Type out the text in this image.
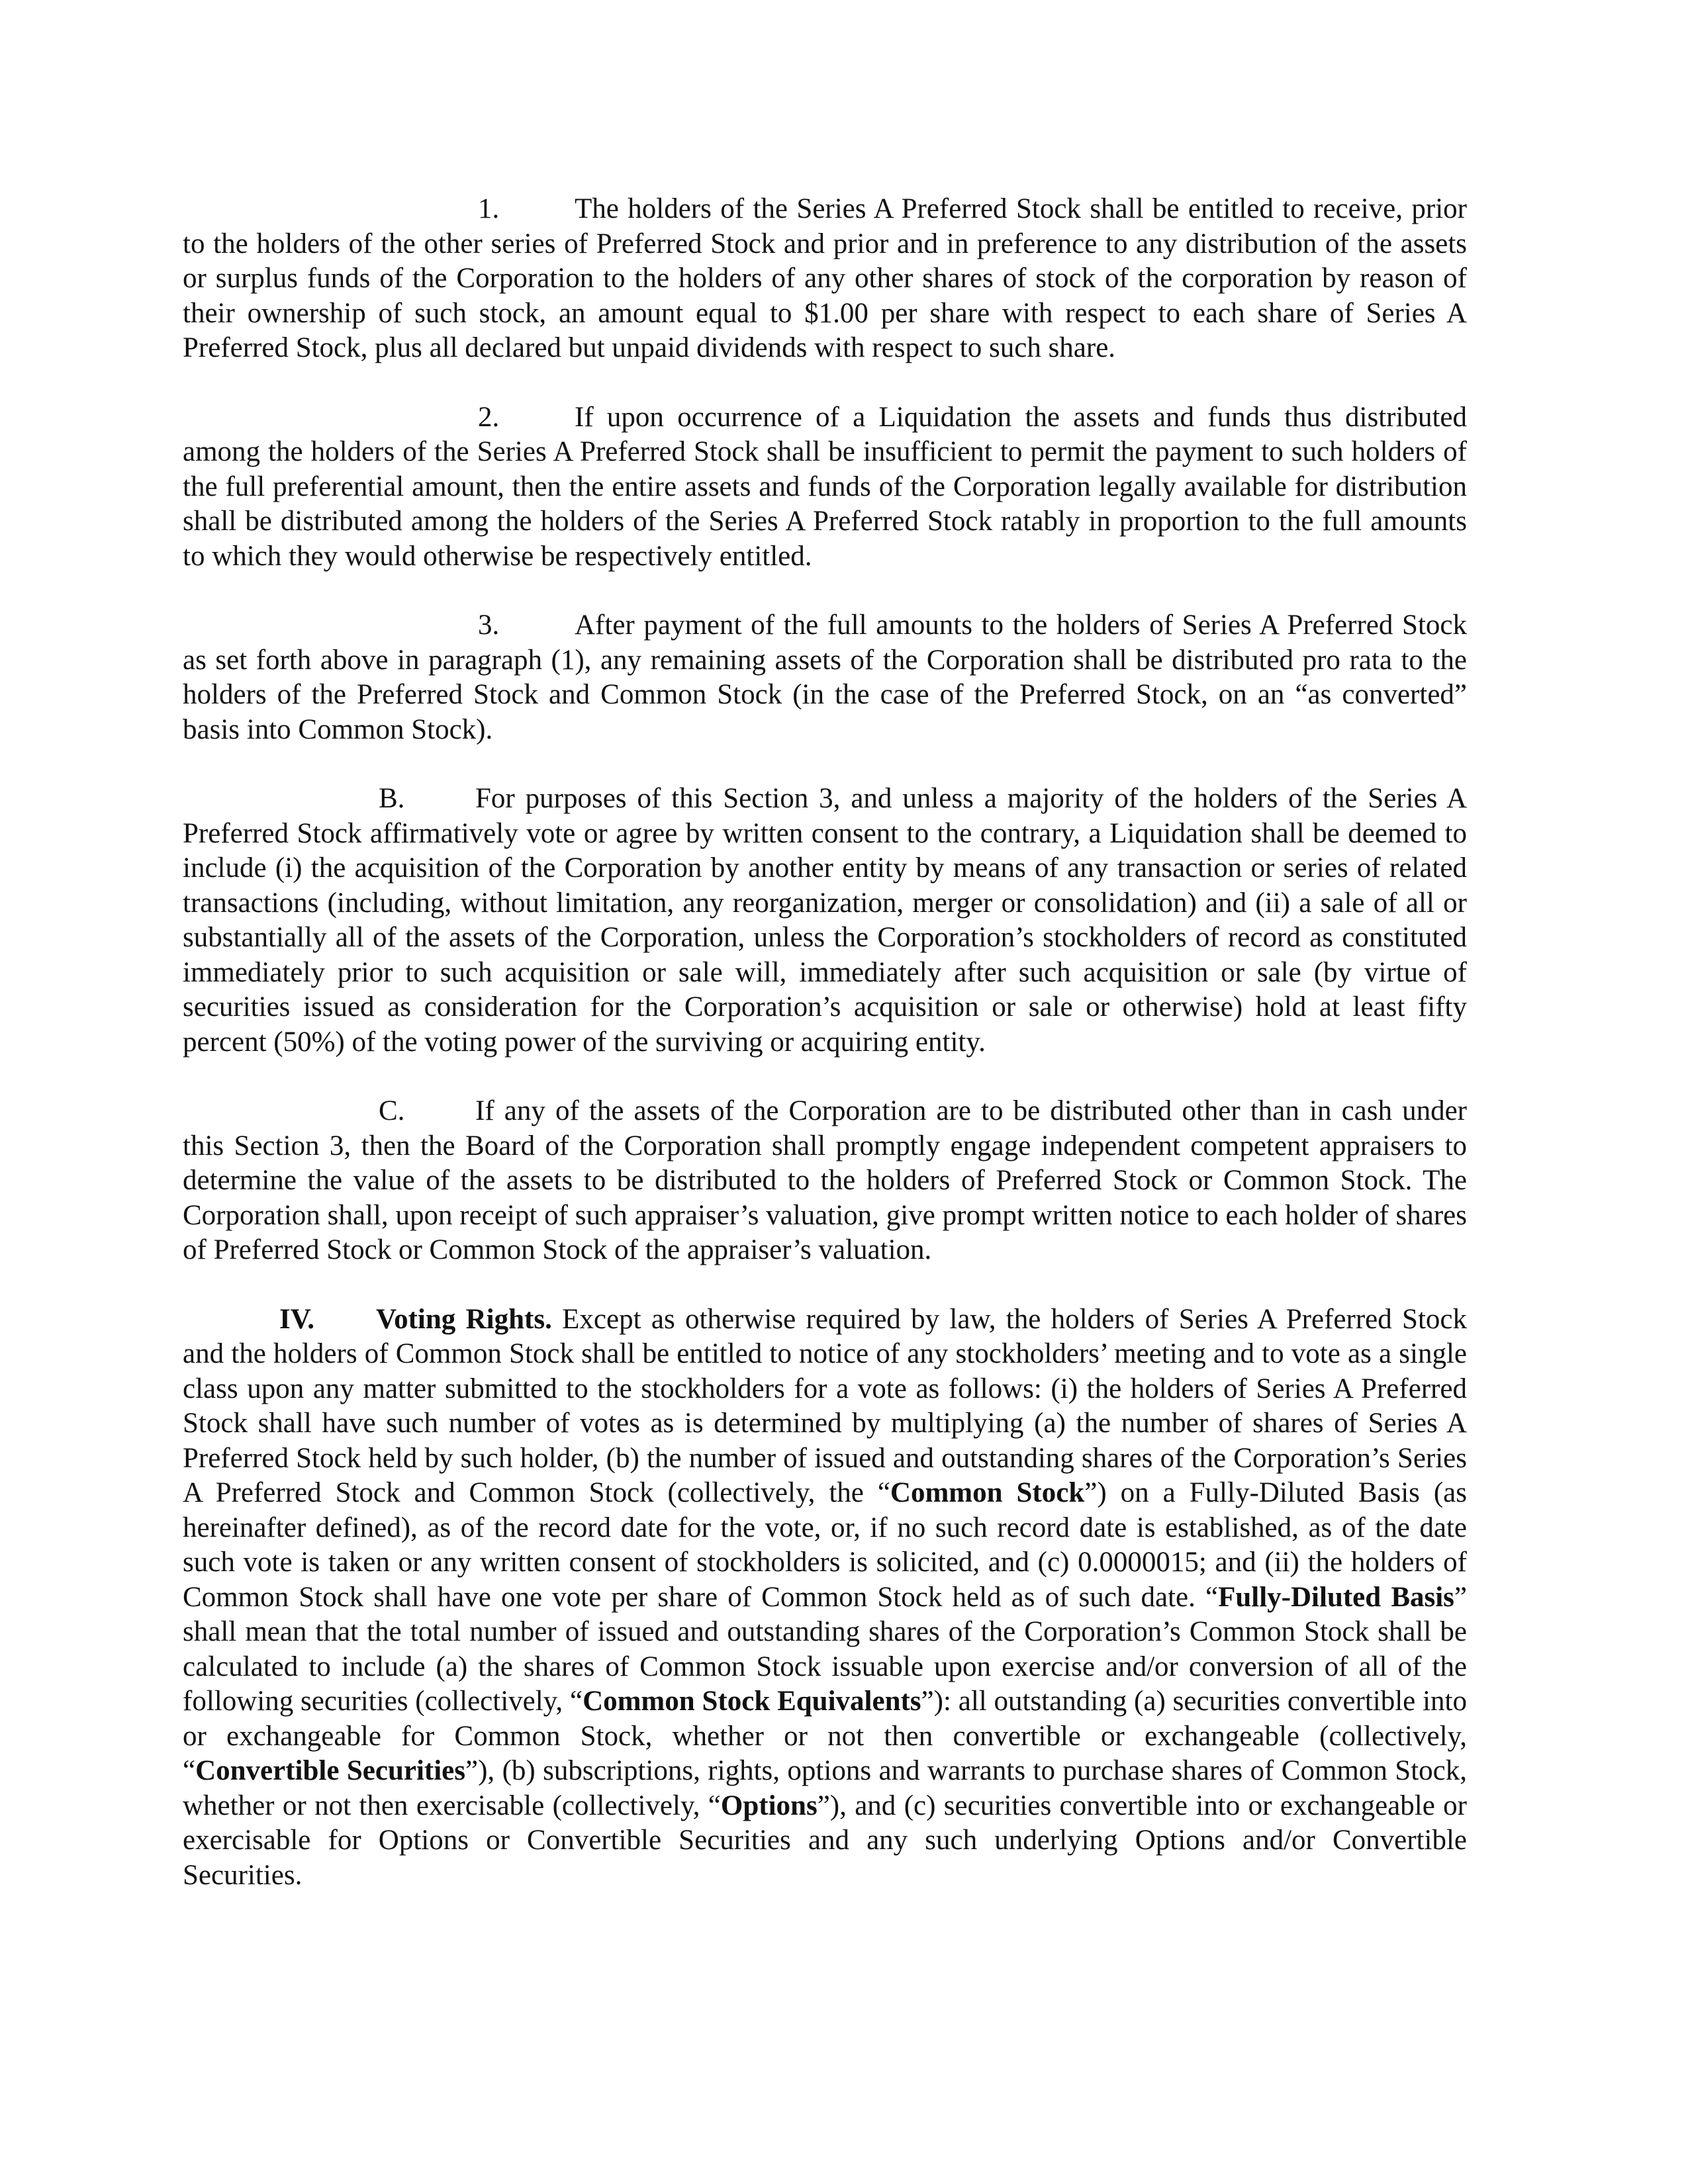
1.	The holders of the Series A Preferred Stock shall be entitled to receive, prior to the holders of the other series of Preferred Stock and prior and in preference to any distribution of the assets or surplus funds of the Corporation to the holders of any other shares of stock of the corporation by reason of their ownership of such stock, an amount equal to $1.00 per share with respect to each share of Series A Preferred Stock, plus all declared but unpaid dividends with respect to such share.

2.	If upon occurrence of a Liquidation the assets and funds thus distributed among the holders of the Series A Preferred Stock shall be insufficient to permit the payment to such holders of the full preferential amount, then the entire assets and funds of the Corporation legally available for distribution shall be distributed among the holders of the Series A Preferred Stock ratably in proportion to the full amounts to which they would otherwise be respectively entitled.

3.	After payment of the full amounts to the holders of Series A Preferred Stock as set forth above in paragraph (1), any remaining assets of the Corporation shall be distributed pro rata to the holders of the Preferred Stock and Common Stock (in the case of the Preferred Stock, on an “as converted” basis into Common Stock).

B. For purposes of this Section 3, and unless a majority of the holders of the Series A Preferred Stock affirmatively vote or agree by written consent to the contrary, a Liquidation shall be deemed to include (i) the acquisition of the Corporation by another entity by means of any transaction or series of related transactions (including, without limitation, any reorganization, merger or consolidation) and (ii) a sale of all or substantially all of the assets of the Corporation, unless the Corporation’s stockholders of record as constituted immediately prior to such acquisition or sale will, immediately after such acquisition or sale (by virtue of securities issued as consideration for the Corporation’s acquisition or sale or otherwise) hold at least fifty percent (50%) of the voting power of the surviving or acquiring entity.

C. If any of the assets of the Corporation are to be distributed other than in cash under this Section 3, then the Board of the Corporation shall promptly engage independent competent appraisers to determine the value of the assets to be distributed to the holders of Preferred Stock or Common Stock. The Corporation shall, upon receipt of such appraiser’s valuation, give prompt written notice to each holder of shares of Preferred Stock or Common Stock of the appraiser’s valuation.

IV. Voting Rights. Except as otherwise required by law, the holders of Series A Preferred Stock and the holders of Common Stock shall be entitled to notice of any stockholders’ meeting and to vote as a single class upon any matter submitted to the stockholders for a vote as follows: (i) the holders of Series A Preferred Stock shall have such number of votes as is determined by multiplying (a) the number of shares of Series A Preferred Stock held by such holder, (b) the number of issued and outstanding shares of the Corporation’s Series A Preferred Stock and Common Stock (collectively, the “Common Stock”) on a Fully-Diluted Basis (as hereinafter defined), as of the record date for the vote, or, if no such record date is established, as of the date such vote is taken or any written consent of stockholders is solicited, and (c) 0.0000015; and (ii) the holders of Common Stock shall have one vote per share of Common Stock held as of such date. “Fully-Diluted Basis” shall mean that the total number of issued and outstanding shares of the Corporation’s Common Stock shall be calculated to include (a) the shares of Common Stock issuable upon exercise and/or conversion of all of the following securities (collectively, “Common Stock Equivalents”): all outstanding (a) securities convertible into or exchangeable for Common Stock, whether or not then convertible or exchangeable (collectively, “Convertible Securities”), (b) subscriptions, rights, options and warrants to purchase shares of Common Stock, whether or not then exercisable (collectively, “Options”), and (c) securities convertible into or exchangeable or exercisable for Options or Convertible Securities and any such underlying Options and/or Convertible Securities.
